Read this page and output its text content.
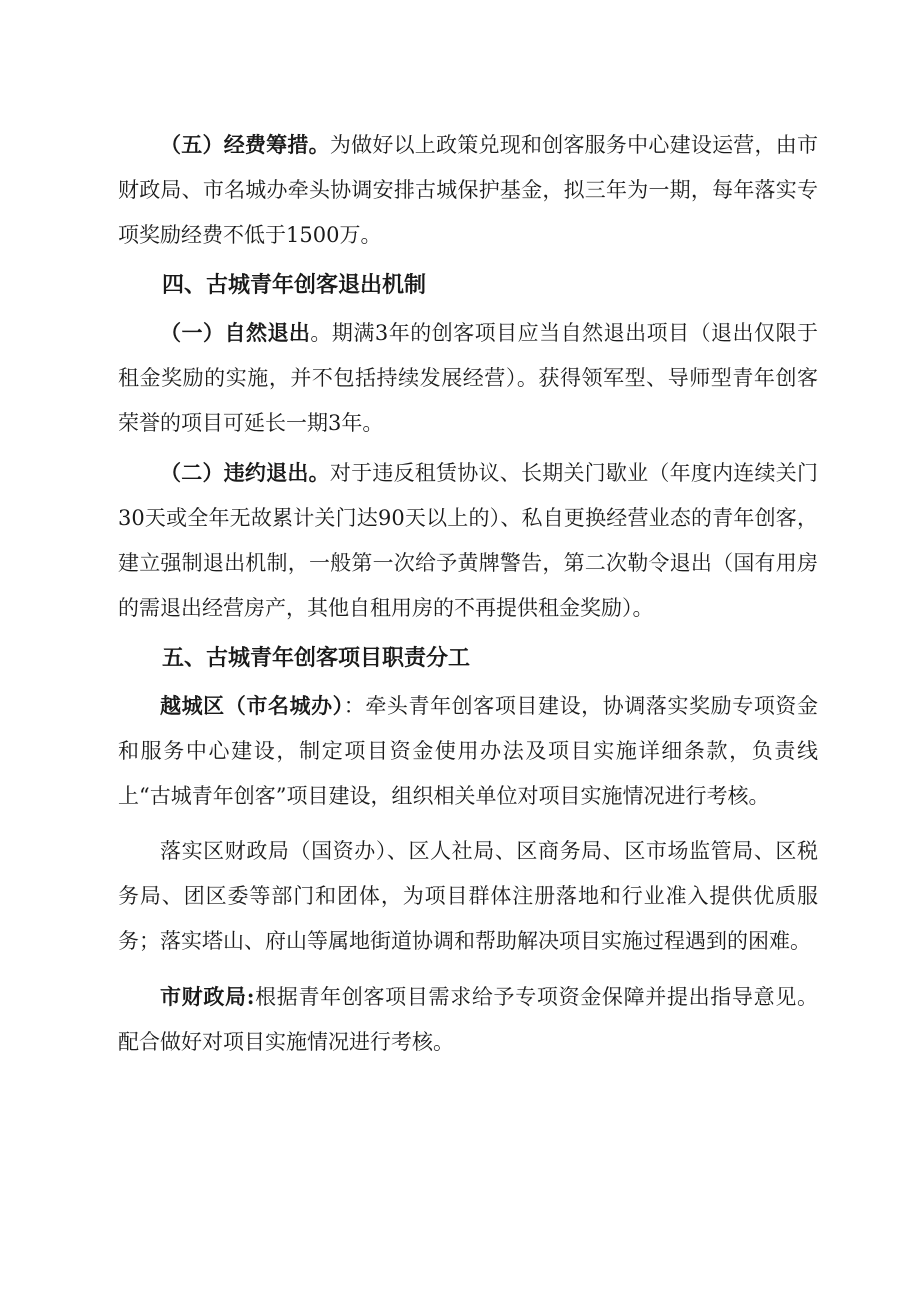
（五）经费筹措。为做好以上政策兑现和创客服务中心建设运营，由市财政局、市名城办牵头协调安排古城保护基金，拟三年为一期，每年落实专项奖励经费不低于1500万。

四、古城青年创客退出机制

（一）自然退出。期满3年的创客项目应当自然退出项目（退出仅限于租金奖励的实施，并不包括持续发展经营）。获得领军型、导师型青年创客荣誉的项目可延长一期3年。

（二）违约退出。对于违反租赁协议、长期关门歇业（年度内连续关门30天或全年无故累计关门达90天以上的）、私自更换经营业态的青年创客，建立强制退出机制，一般第一次给予黄牌警告，第二次勒令退出（国有用房的需退出经营房产，其他自租用房的不再提供租金奖励）。

五、古城青年创客项目职责分工

越城区（市名城办）：牵头青年创客项目建设，协调落实奖励专项资金和服务中心建设，制定项目资金使用办法及项目实施详细条款，负责线上“古城青年创客”项目建设，组织相关单位对项目实施情况进行考核。

落实区财政局（国资办）、区人社局、区商务局、区市场监管局、区税务局、团区委等部门和团体，为项目群体注册落地和行业准入提供优质服务；落实塔山、府山等属地街道协调和帮助解决项目实施过程遇到的困难。

市财政局:根据青年创客项目需求给予专项资金保障并提出指导意见。配合做好对项目实施情况进行考核。
